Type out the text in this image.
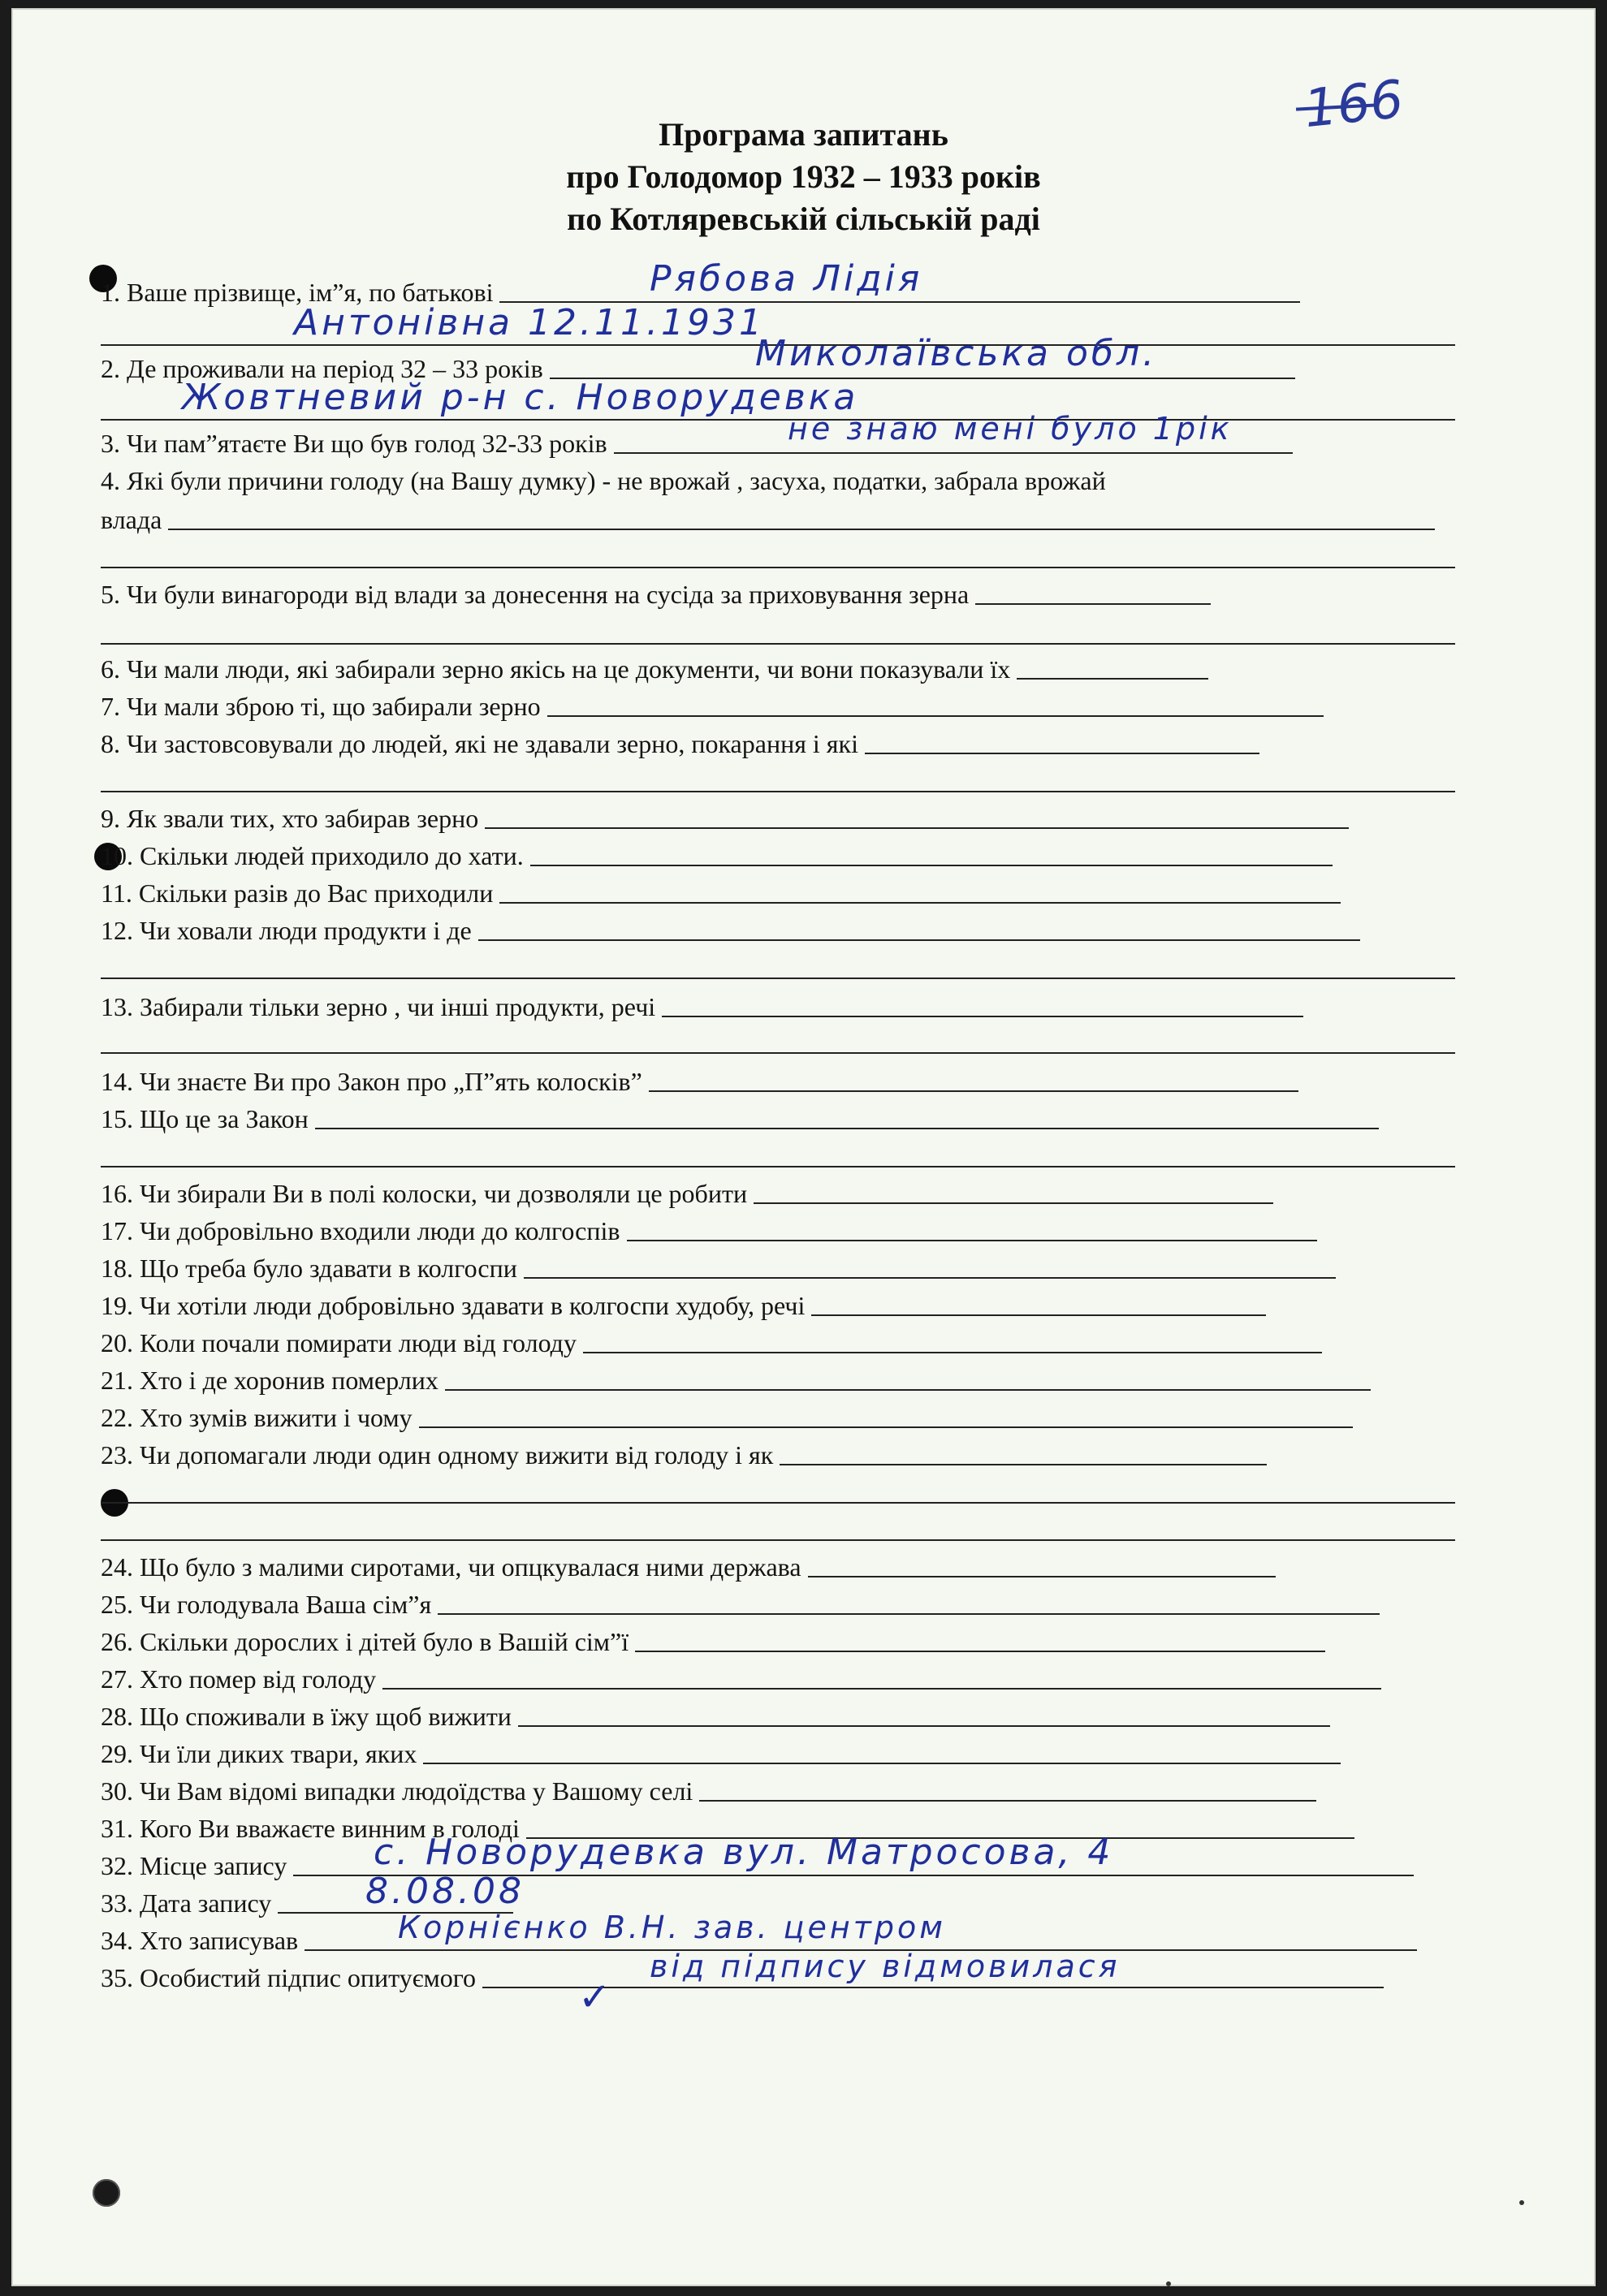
166
Програма запитань
про Голодомор 1932 – 1933 років
по Котляревській сільській раді
1. Ваше прізвище, ім”я, по батькові	Рябова Лідія
Антонівна 12.11.1931
2. Де проживали на період 32 – 33 років	Миколаївська обл.
Жовтневий р-н с. Новорудевка
3. Чи пам”ятаєте Ви що був голод 32-33 років	не знаю мені було 1рік
4. Які були причини голоду (на Вашу думку) - не врожай , засуха, податки, забрала врожай
влада
5. Чи були винагороди від влади за донесення на сусіда за приховування зерна
6. Чи мали люди, які забирали зерно якісь на це документи, чи вони показували їх
7. Чи мали зброю ті, що забирали зерно
8. Чи застовсовували до людей, які не здавали зерно, покарання і які
9. Як звали тих, хто забирав зерно
10. Скільки людей приходило до хати.
11. Скільки разів до Вас приходили
12. Чи ховали люди продукти і де
13. Забирали тільки зерно , чи інші продукти, речі
14. Чи знаєте Ви про Закон про „П”ять колосків”
15. Що це за Закон
16. Чи збирали Ви в полі колоски, чи дозволяли це робити
17. Чи добровільно входили люди до колгоспів
18. Що треба було здавати в колгоспи
19. Чи хотіли люди добровільно здавати в колгоспи худобу, речі
20. Коли почали помирати люди від голоду
21. Хто і де хоронив померлих
22. Хто зумів вижити і чому
23. Чи допомагали люди один одному вижити від голоду і як
24. Що було з малими сиротами, чи опцкувалася ними держава
25. Чи голодувала Ваша сім”я
26. Скільки дорослих і дітей було в Вашій сім”ї
27. Хто помер від голоду
28. Що споживали в їжу щоб вижити
29. Чи їли диких твари, яких
30. Чи Вам відомі випадки людоїдства у Вашому селі
31. Кого Ви вважаєте винним в голоді
32. Місце запису	с. Новорудевка вул. Матросова, 4
33. Дата запису	8.08.08
34. Хто записував	Корнієнко В.Н. зав. центром
35. Особистий підпис опитуємого	✓
від підпису відмовилася
